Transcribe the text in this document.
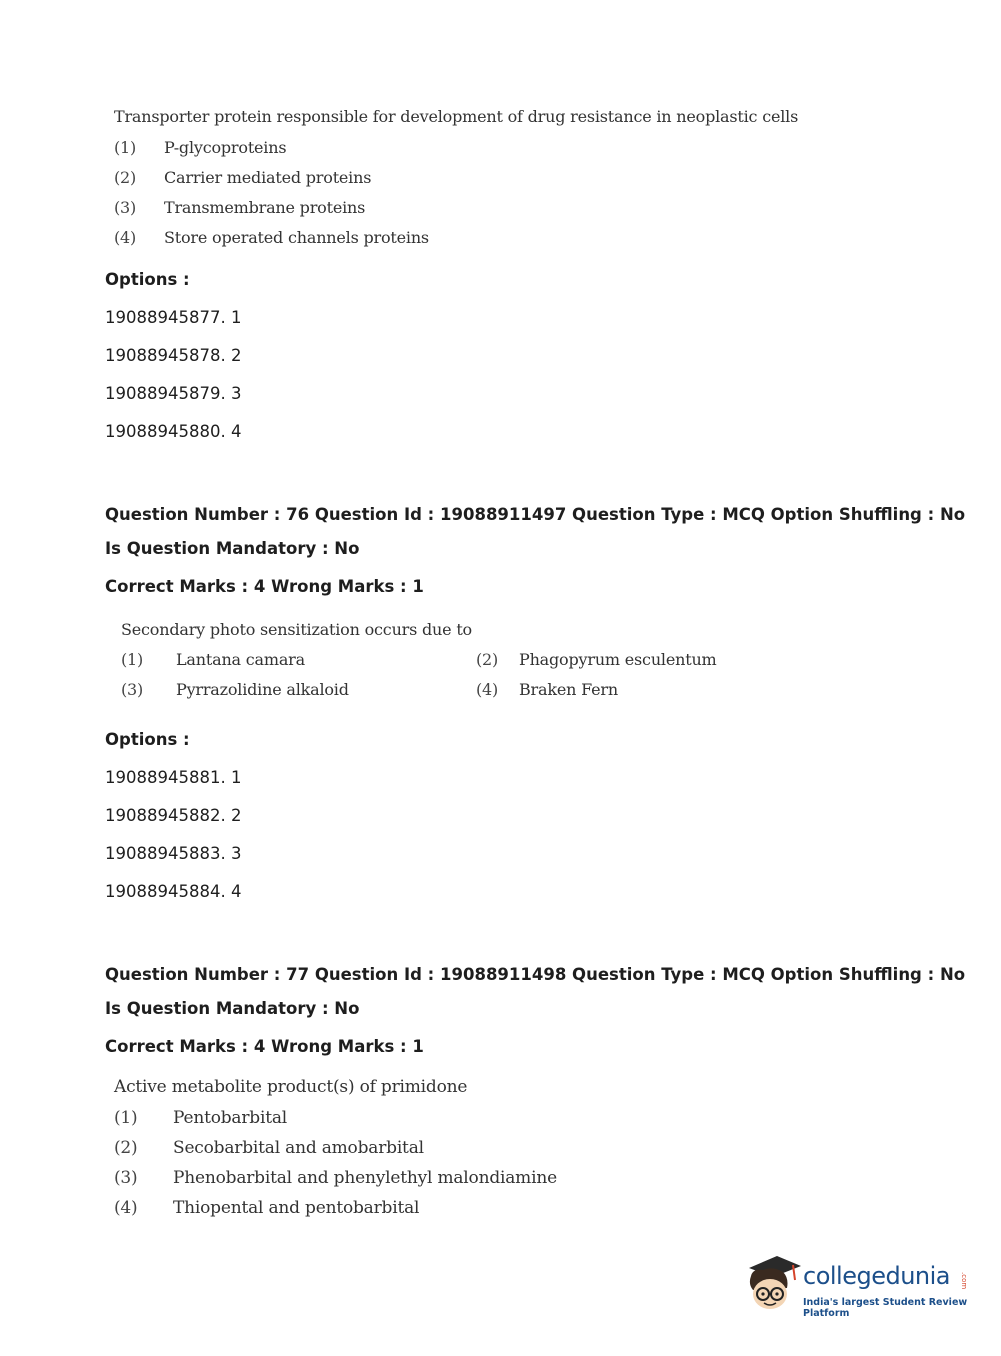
Transporter protein responsible for development of drug resistance in neoplastic cells
(1) P-glycoproteins
(2) Carrier mediated proteins
(3) Transmembrane proteins
(4) Store operated channels proteins
Options :
19088945877. 1
19088945878. 2
19088945879. 3
19088945880. 4
Question Number : 76 Question Id : 19088911497 Question Type : MCQ Option Shuffling : No
Is Question Mandatory : No
Correct Marks : 4 Wrong Marks : 1
Secondary photo sensitization occurs due to
(1) Lantana camara	(2) Phagopyrum esculentum
(3) Pyrrazolidine alkaloid	(4) Braken Fern
Options :
19088945881. 1
19088945882. 2
19088945883. 3
19088945884. 4
Question Number : 77 Question Id : 19088911498 Question Type : MCQ Option Shuffling : No
Is Question Mandatory : No
Correct Marks : 4 Wrong Marks : 1
Active metabolite product(s) of primidone
(1) Pentobarbital
(2) Secobarbital and amobarbital
(3) Phenobarbital and phenylethyl malondiamine
(4) Thiopental and pentobarbital
collegedunia .com
India's largest Student Review Platform
